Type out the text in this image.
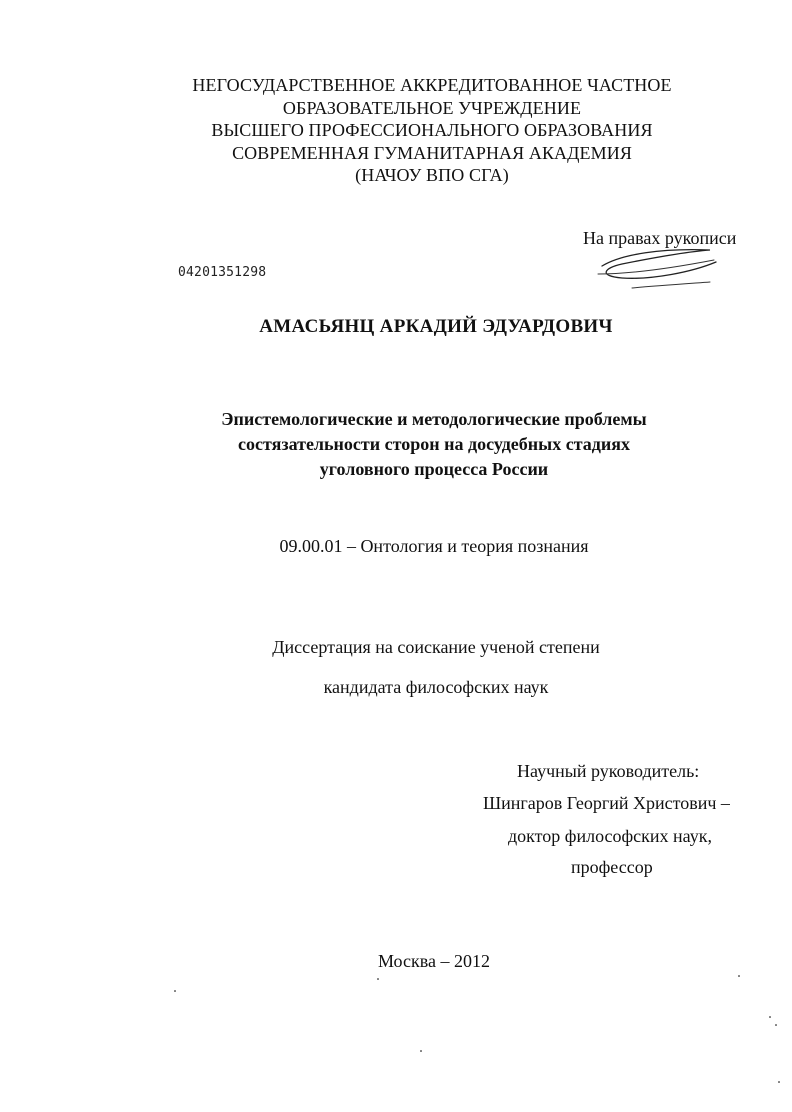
НЕГОСУДАРСТВЕННОЕ АККРЕДИТОВАННОЕ ЧАСТНОЕ
ОБРАЗОВАТЕЛЬНОЕ УЧРЕЖДЕНИЕ
ВЫСШЕГО ПРОФЕССИОНАЛЬНОГО ОБРАЗОВАНИЯ
СОВРЕМЕННАЯ ГУМАНИТАРНАЯ АКАДЕМИЯ
(НАЧОУ ВПО СГА)
На правах рукописи
04201351298
АМАСЬЯНЦ АРКАДИЙ ЭДУАРДОВИЧ
Эпистемологические и методологические проблемы
состязательности сторон на досудебных стадиях
уголовного процесса России
09.00.01 – Онтология и теория познания
Диссертация на соискание ученой степени
кандидата философских наук
Научный руководитель:
Шингаров Георгий Христович –
доктор философских наук,
профессор
Москва – 2012
